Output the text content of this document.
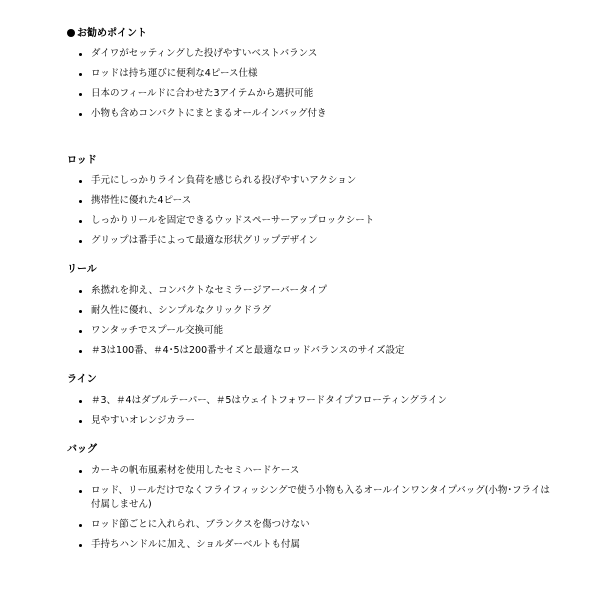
お勧めポイント
ダイワがセッティングした投げやすいベストバランス
ロッドは持ち運びに便利な4ピース仕様
日本のフィールドに合わせた3アイテムから選択可能
小物も含めコンパクトにまとまるオールインバッグ付き
ロッド
手元にしっかりライン負荷を感じられる投げやすいアクション
携帯性に優れた4ピース
しっかりリールを固定できるウッドスペーサーアップロックシート
グリップは番手によって最適な形状グリップデザイン
リール
糸撚れを抑え、コンパクトなセミラージアーバータイプ
耐久性に優れ、シンプルなクリックドラグ
ワンタッチでスプール交換可能
＃3は100番、＃4･5は200番サイズと最適なロッドバランスのサイズ設定
ライン
＃3、＃4はダブルテーパー、＃5はウェイトフォワードタイプフローティングライン
見やすいオレンジカラー
バッグ
カーキの帆布風素材を使用したセミハードケース
ロッド、リールだけでなくフライフィッシングで使う小物も入るオールインワンタイプバッグ(小物･フライは付属しません)
ロッド節ごとに入れられ、ブランクスを傷つけない
手持ちハンドルに加え、ショルダーベルトも付属
